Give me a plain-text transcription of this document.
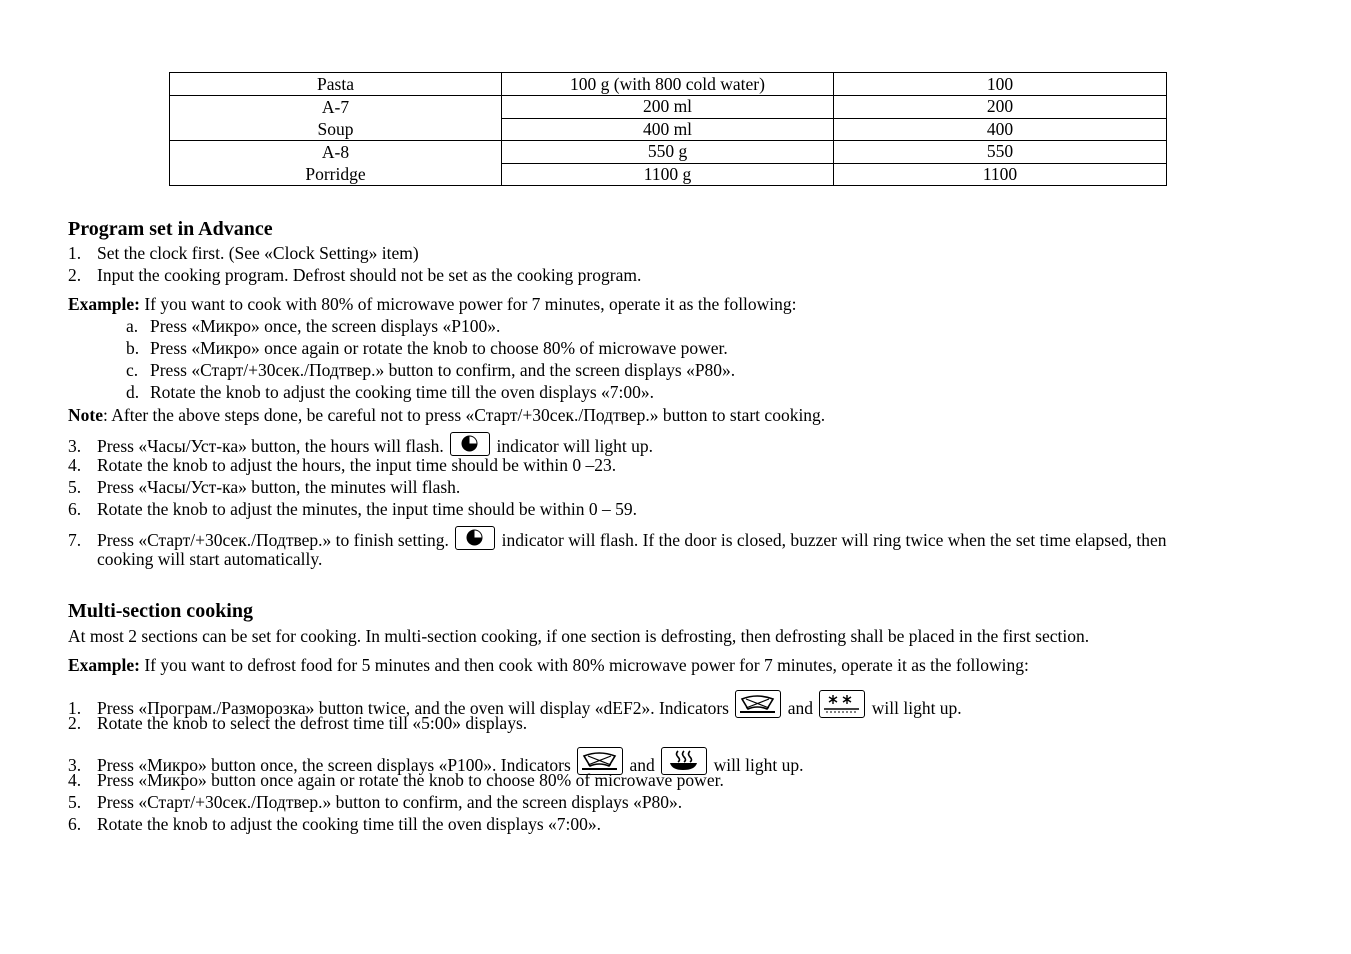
Pasta	100 g (with 800 cold water)	100

A-7
Soup	200 ml	200
	400 ml	400

A-8
Porridge	550 g	550
	1100 g	1100
Program set in Advance
1. Set the clock first. (See «Clock Setting» item)
2. Input the cooking program. Defrost should not be set as the cooking program.
Example: If you want to cook with 80% of microwave power for 7 minutes, operate it as the following:
a. Press «Микро» once, the screen displays «P100».
b. Press «Микро» once again or rotate the knob to choose 80% of microwave power.
c. Press «Старт/+30сек./Подтвер.» button to confirm, and the screen displays «P80».
d. Rotate the knob to adjust the cooking time till the oven displays «7:00».
Note: After the above steps done, be careful not to press «Старт/+30сек./Подтвер.» button to start cooking.
3. Press «Часы/Уст-ка» button, the hours will flash.	indicator will light up.
4. Rotate the knob to adjust the hours, the input time should be within 0 –23.
5. Press «Часы/Уст-ка» button, the minutes will flash.
6. Rotate the knob to adjust the minutes, the input time should be within 0 – 59.
7. Press «Старт/+30сек./Подтвер.» to finish setting.	indicator will flash. If the door is closed, buzzer will ring twice when the set time elapsed, then
cooking will start automatically.
Multi-section cooking
At most 2 sections can be set for cooking. In multi-section cooking, if one section is defrosting, then defrosting shall be placed in the first section.
Example: If you want to defrost food for 5 minutes and then cook with 80% microwave power for 7 minutes, operate it as the following:
1. Press «Програм./Разморозка» button twice, and the oven will display «dEF2». Indicators	and	will light up.
2. Rotate the knob to select the defrost time till «5:00» displays.
3. Press «Микро» button once, the screen displays «P100». Indicators	and	will light up.
4. Press «Микро» button once again or rotate the knob to choose 80% of microwave power.
5. Press «Старт/+30сек./Подтвер.» button to confirm, and the screen displays «P80».
6. Rotate the knob to adjust the cooking time till the oven displays «7:00».
